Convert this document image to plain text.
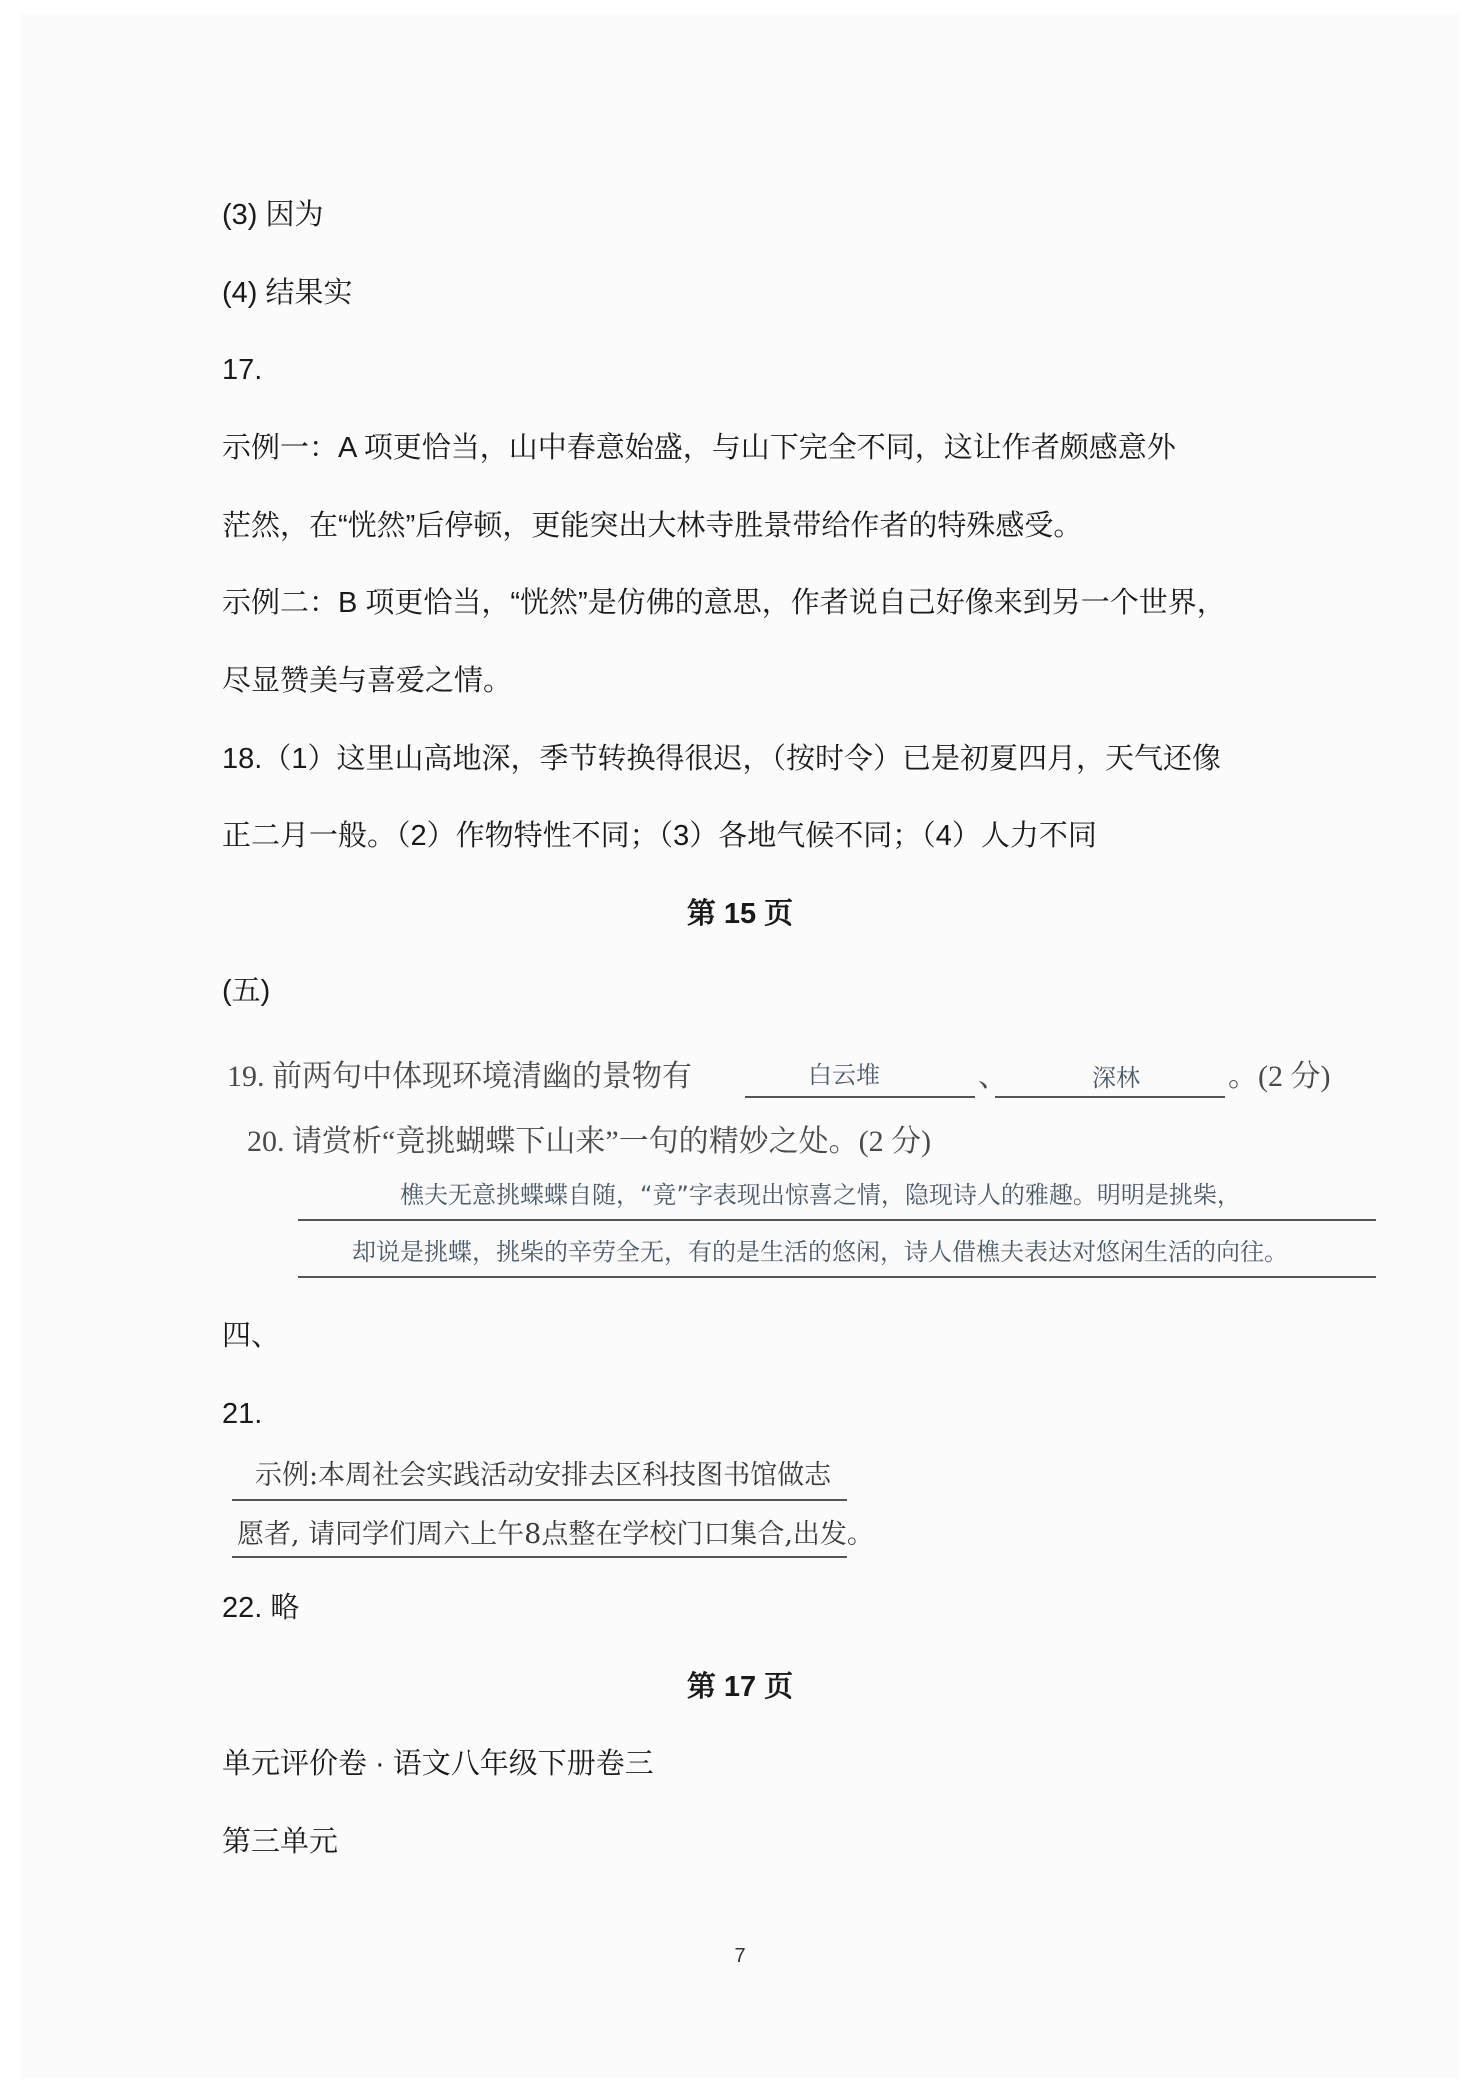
(3) 因为
(4) 结果实
17.
示例一：A 项更恰当，山中春意始盛，与山下完全不同，这让作者颇感意外
茫然，在“恍然”后停顿，更能突出大林寺胜景带给作者的特殊感受。
示例二：B 项更恰当，“恍然”是仿佛的意思，作者说自己好像来到另一个世界，
尽显赞美与喜爱之情。
18.（1）这里山高地深，季节转换得很迟，（按时令）已是初夏四月，天气还像
正二月一般。（2）作物特性不同；（3）各地气候不同；（4）人力不同
第 15 页
(五)
19. 前两句中体现环境清幽的景物有	白云堆	、	深林	。(2 分)
20. 请赏析“竟挑蝴蝶下山来”一句的精妙之处。(2 分)
樵夫无意挑蝶蝶自随，“竟”字表现出惊喜之情，隐现诗人的雅趣。明明是挑柴，
却说是挑蝶，挑柴的辛劳全无，有的是生活的悠闲，诗人借樵夫表达对悠闲生活的向往。
四、
21.
示例:本周社会实践活动安排去区科技图书馆做志
愿者, 请同学们周六上午8点整在学校门口集合,出发。
22. 略
第 17 页
单元评价卷 · 语文八年级下册卷三
第三单元
7
